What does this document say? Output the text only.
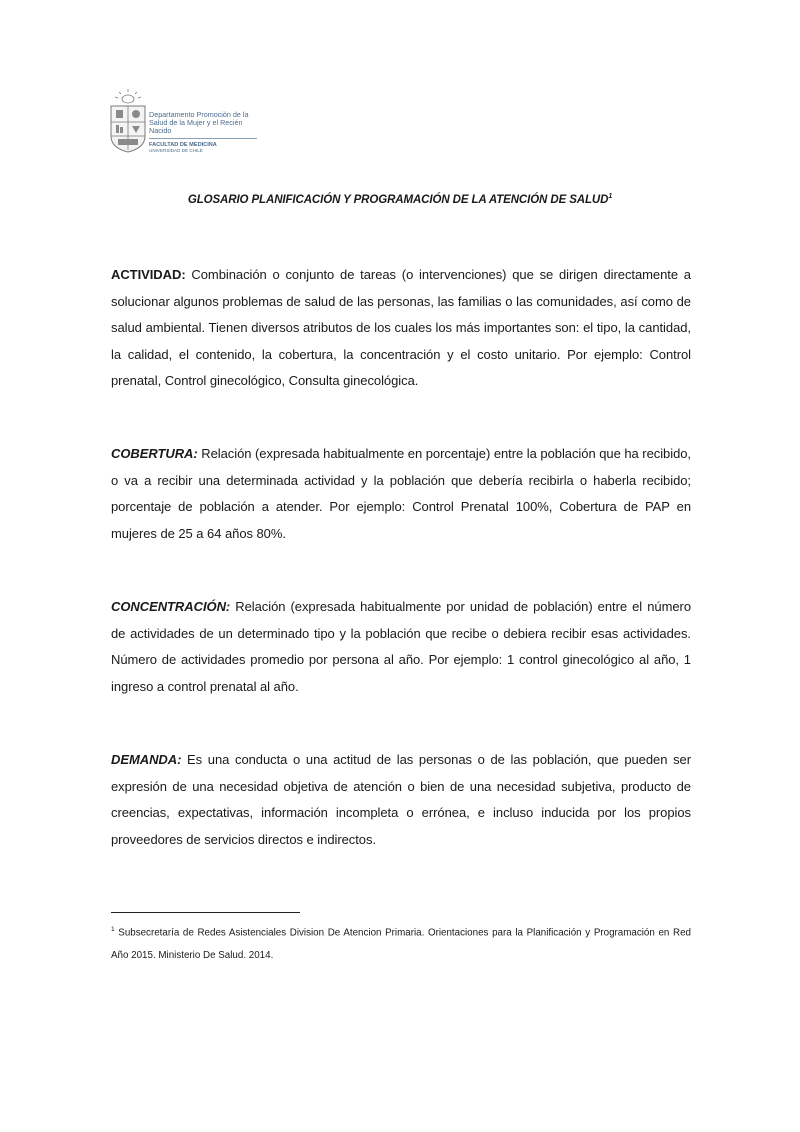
Departamento Promoción de la
Salud de la Mujer y el Recién Nacido
FACULTAD DE MEDICINA
UNIVERSIDAD DE CHILE
GLOSARIO PLANIFICACIÓN Y PROGRAMACIÓN DE LA ATENCIÓN DE SALUD$^1$

ACTIVIDAD: Combinación o conjunto de tareas (o intervenciones) que se dirigen directamente a solucionar algunos problemas de salud de las personas, las familias o las comunidades, así como de salud ambiental. Tienen diversos atributos de los cuales los más importantes son: el tipo, la cantidad, la calidad, el contenido, la cobertura, la concentración y el costo unitario. Por ejemplo: Control prenatal, Control ginecológico, Consulta ginecológica.

COBERTURA: Relación (expresada habitualmente en porcentaje) entre la población que ha recibido, o va a recibir una determinada actividad y la población que debería recibirla o haberla recibido; porcentaje de población a atender. Por ejemplo: Control Prenatal 100%, Cobertura de PAP en mujeres de 25 a 64 años 80%.

CONCENTRACIÓN: Relación (expresada habitualmente por unidad de población) entre el número de actividades de un determinado tipo y la población que recibe o debiera recibir esas actividades. Número de actividades promedio por persona al año. Por ejemplo: 1 control ginecológico al año, 1 ingreso a control prenatal al año.

DEMANDA: Es una conducta o una actitud de las personas o de las población, que pueden ser expresión de una necesidad objetiva de atención o bien de una necesidad subjetiva, producto de creencias, expectativas, información incompleta o errónea, e incluso inducida por los propios proveedores de servicios directos e indirectos.

$^1$ Subsecretaría de Redes Asistenciales Division De Atencion Primaria. Orientaciones para la Planificación y Programación en Red Año 2015. Ministerio De Salud. 2014.
